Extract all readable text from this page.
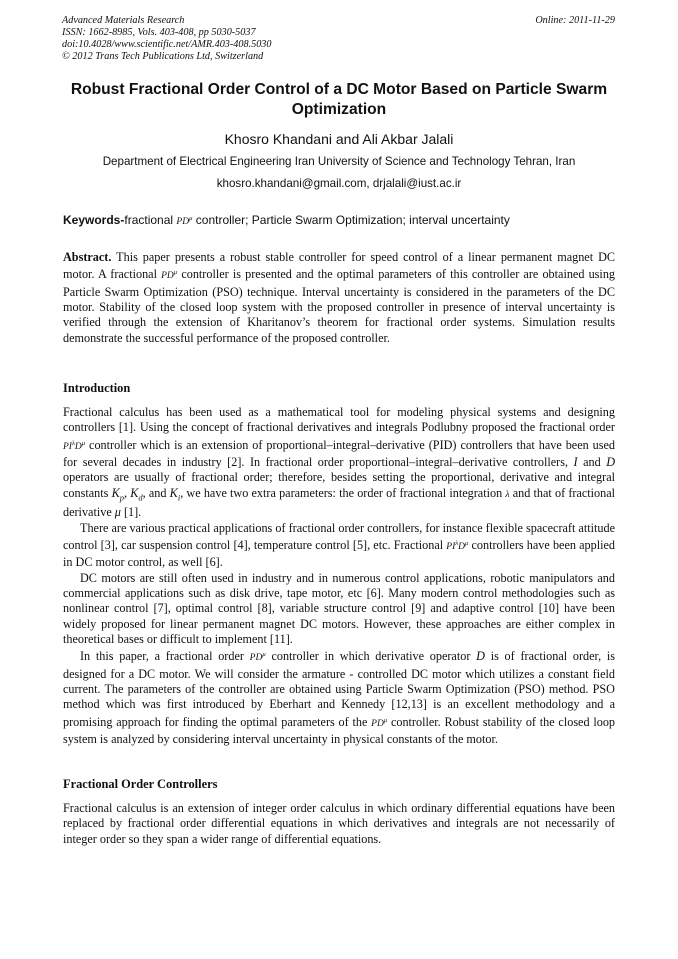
Advanced Materials Research
ISSN: 1662-8985, Vols. 403-408, pp 5030-5037
doi:10.4028/www.scientific.net/AMR.403-408.5030
© 2012 Trans Tech Publications Ltd, Switzerland
Online: 2011-11-29
Robust Fractional Order Control of a DC Motor Based on Particle Swarm Optimization
Khosro Khandani and Ali Akbar Jalali
Department of Electrical Engineering Iran University of Science and Technology Tehran, Iran
khosro.khandani@gmail.com, drjalali@iust.ac.ir
Keywords-fractional $PD^\mu$ controller; Particle Swarm Optimization; interval uncertainty

Abstract. This paper presents a robust stable controller for speed control of a linear permanent magnet DC motor. A fractional $PD^\mu$ controller is presented and the optimal parameters of this controller are obtained using Particle Swarm Optimization (PSO) technique. Interval uncertainty is considered in the parameters of the DC motor. Stability of the closed loop system with the proposed controller in presence of interval uncertainty is verified through the extension of Kharitanov’s theorem for fractional order systems. Simulation results demonstrate the successful performance of the proposed controller.

Introduction

Fractional calculus has been used as a mathematical tool for modeling physical systems and designing controllers [1]. Using the concept of fractional derivatives and integrals Podlubny proposed the fractional order $PI^\lambda D^\mu$ controller which is an extension of proportional–integral–derivative (PID) controllers that have been used for several decades in industry [2]. In fractional order proportional–integral–derivative controllers, I and D operators are usually of fractional order; therefore, besides setting the proportional, derivative and integral constants $K_p$, $K_d$, and $K_i$, we have two extra parameters: the order of fractional integration λ and that of fractional derivative μ [1].

There are various practical applications of fractional order controllers, for instance flexible spacecraft attitude control [3], car suspension control [4], temperature control [5], etc. Fractional $PI^\lambda D^\mu$ controllers have been applied in DC motor control, as well [6].

DC motors are still often used in industry and in numerous control applications, robotic manipulators and commercial applications such as disk drive, tape motor, etc [6]. Many modern control methodologies such as nonlinear control [7], optimal control [8], variable structure control [9] and adaptive control [10] have been widely proposed for linear permanent magnet DC motors. However, these approaches are either complex in theoretical bases or difficult to implement [11].

In this paper, a fractional order $PD^\mu$ controller in which derivative operator D is of fractional order, is designed for a DC motor. We will consider the armature - controlled DC motor which utilizes a constant field current. The parameters of the controller are obtained using Particle Swarm Optimization (PSO) method. PSO method which was first introduced by Eberhart and Kennedy [12,13] is an excellent methodology and a promising approach for finding the optimal parameters of the $PD^\mu$ controller. Robust stability of the closed loop system is analyzed by considering interval uncertainty in physical constants of the motor.

Fractional Order Controllers

Fractional calculus is an extension of integer order calculus in which ordinary differential equations have been replaced by fractional order differential equations in which derivatives and integrals are not necessarily of integer order so they span a wider range of differential equations.
